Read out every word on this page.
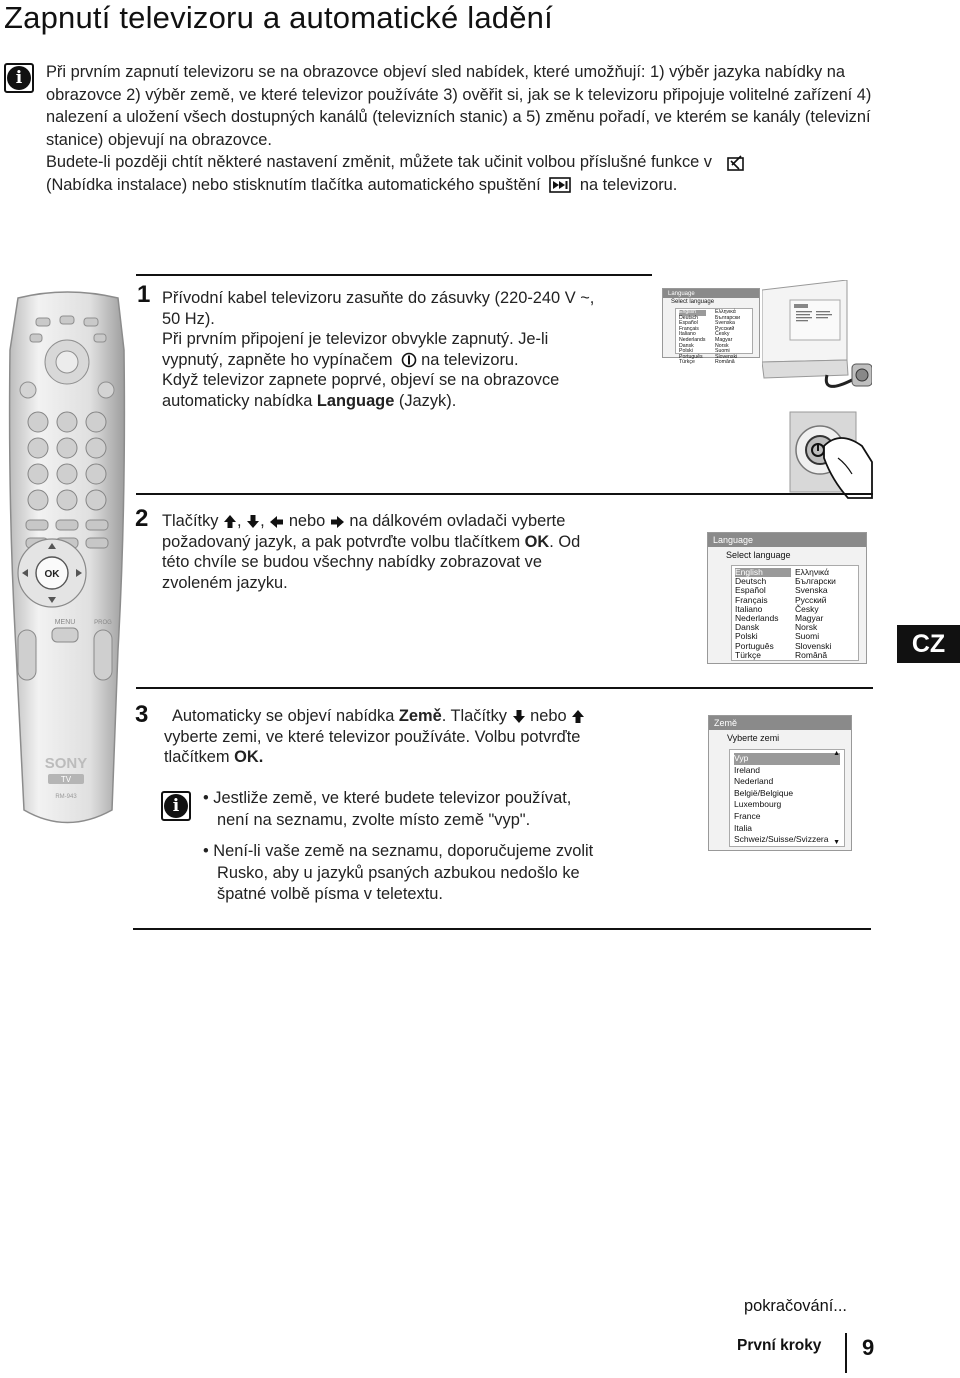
Zapnutí televizoru a automatické ladění
i	Při prvním zapnutí televizoru se na obrazovce objeví sled nabídek, které umožňují: 1) výběr jazyka nabídky na obrazovce 2) výběr země, ve které televizor používáte 3) ověřit si, jak se k televizoru připojuje volitelné zařízení 4) nalezení a uložení všech dostupných kanálů (televizních stanic) a 5) změnu pořadí, ve kterém se kanály (televizní stanice) objevují na obrazovce.

Budete-li později chtít některé nastavení změnit, můžete tak učinit volbou příslušné funkce v
(Nabídka instalace) nebo stisknutím tlačítka automatického spuštění na televizoru.

OK
MENU	PROG
SONY
TV
RM-943
1 Přívodní kabel televizoru zasuňte do zásuvky (220-240 V ~,
50 Hz).
Při prvním připojení je televizor obvykle zapnutý. Je-li
vypnutý, zapněte ho vypínačem na televizoru.
Když televizor zapnete poprvé, objeví se na obrazovce
automaticky nabídka Language (Jazyk).
Language
Select language
English
Deutsch
Español
Français
Italiano
Nederlands
Dansk
Polski
Português
Türkçe
Ελληνικά
Български
Svenska
Русский
Česky
Magyar
Norsk
Suomi
Slovenski
Română
2 Tlačítky , ,  nebo na dálkovém ovladači vyberte
požadovaný jazyk, a pak potvrďte volbu tlačítkem OK. Od
této chvíle se budou všechny nabídky zobrazovat ve
zvoleném jazyku.
Language
Select language
English
Deutsch
Español
Français
Italiano
Nederlands
Dansk
Polski
Português
Türkçe
Ελληνικά
Български
Svenska
Русский
Česky
Magyar
Norsk
Suomi
Slovenski
Română	CZ
3	Automaticky se objeví nabídka Země. Tlačítky nebo
vyberte zemi, ve které televizor používáte. Volbu potvrďte
tlačítkem OK.
Země
Vyberte zemi
Vyp
Ireland
Nederland
België/Belgique
Luxembourg
France
Italia
Schweiz/Suisse/Svizzera
▲
▼
i	• Jestliže země, ve které budete televizor používat,
není na seznamu, zvolte místo země "vyp".
• Není-li vaše země na seznamu, doporučujeme zvolit
Rusko, aby u jazyků psaných azbukou nedošlo ke
špatné volbě písma v teletextu.
pokračování...
První kroky 9
